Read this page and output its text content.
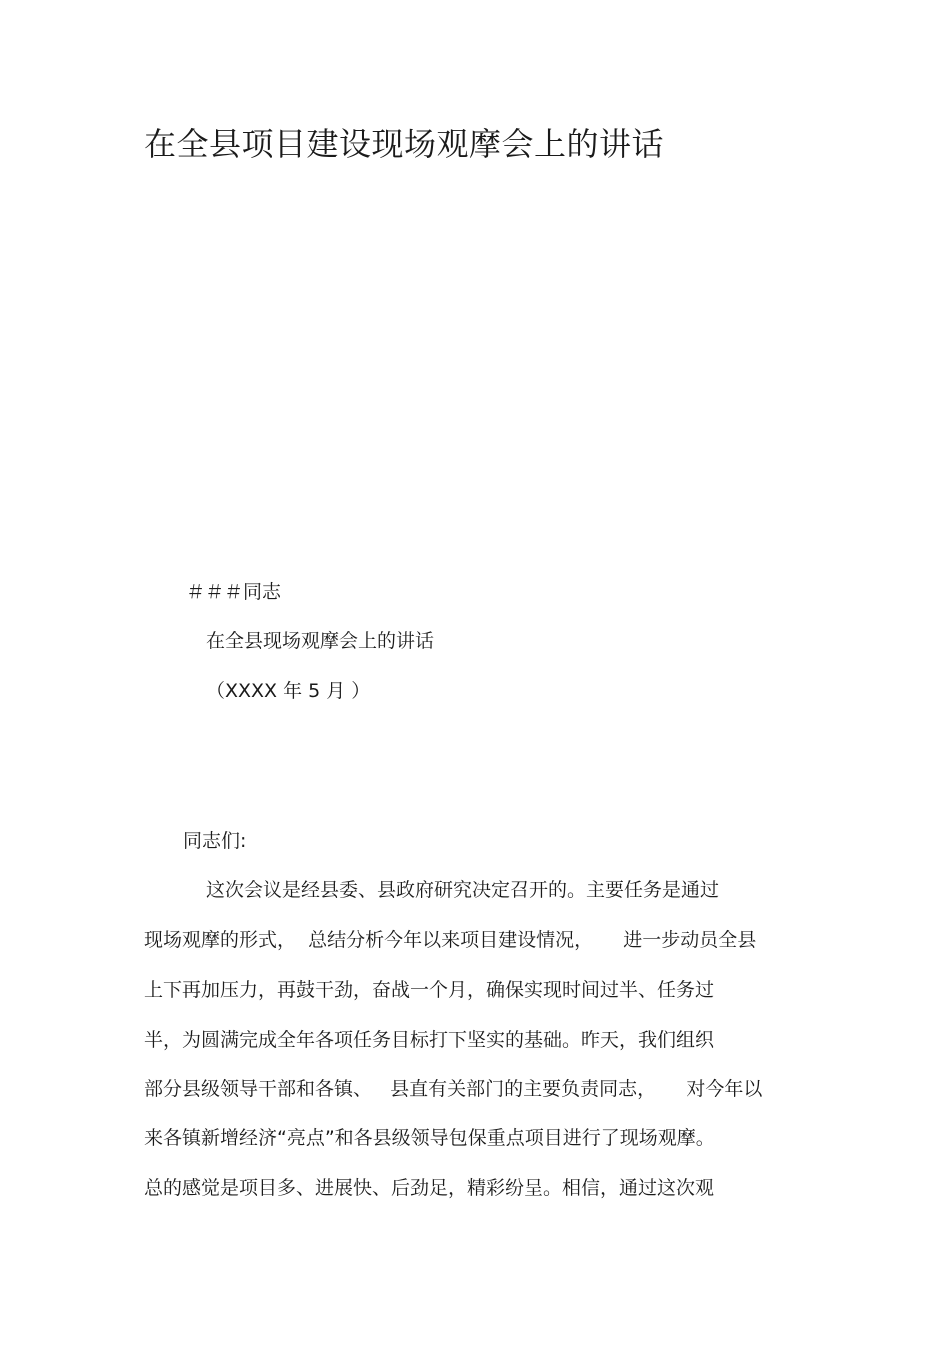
在全县项目建设现场观摩会上的讲话
＃＃＃同志
在全县现场观摩会上的讲话
（XXXX 年 5 月 ）
同志们:
这次会议是经县委、县政府研究决定召开的。主要任务是通过
现场观摩的形式，  总结分析今年以来项目建设情况，     进一步动员全县
上下再加压力，再鼓干劲，奋战一个月，确保实现时间过半、任务过
半，为圆满完成全年各项任务目标打下坚实的基础。昨天，我们组织
部分县级领导干部和各镇、   县直有关部门的主要负责同志，     对今年以
来各镇新增经济“亮点”和各县级领导包保重点项目进行了现场观摩。
总的感觉是项目多、进展快、后劲足，精彩纷呈。相信，通过这次观
